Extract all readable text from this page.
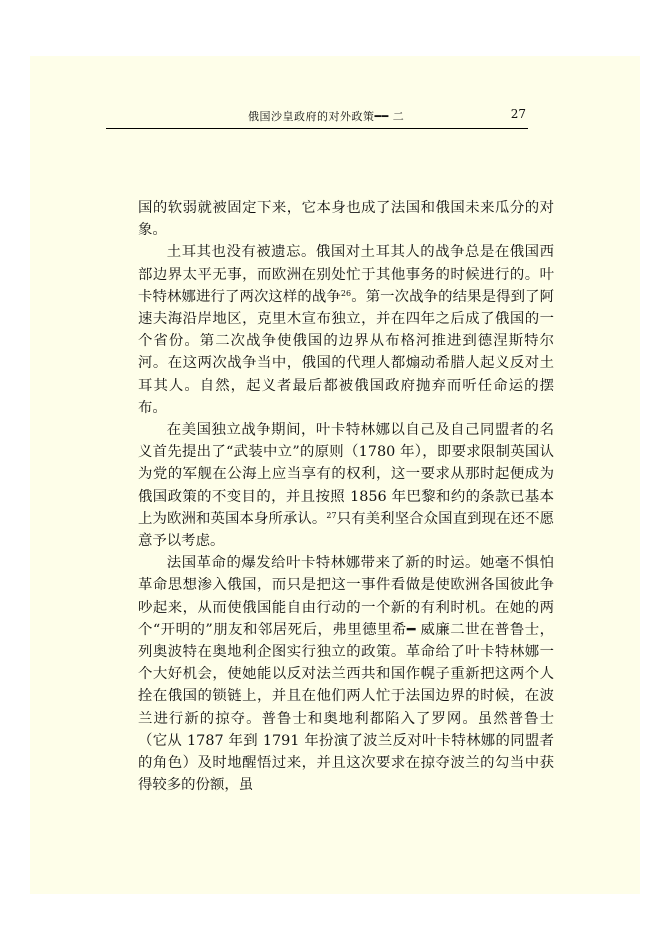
俄国沙皇政府的对外政策━━ 二	27

国的软弱就被固定下来，它本身也成了法国和俄国未来瓜分的对象。

土耳其也没有被遗忘。俄国对土耳其人的战争总是在俄国西部边界太平无事，而欧洲在别处忙于其他事务的时候进行的。叶卡特林娜进行了两次这样的战争$^{26}$。第一次战争的结果是得到了阿速夫海沿岸地区，克里木宣布独立，并在四年之后成了俄国的一个省份。第二次战争使俄国的边界从布格河推进到德涅斯特尔河。在这两次战争当中，俄国的代理人都煽动希腊人起义反对土耳其人。自然，起义者最后都被俄国政府抛弃而听任命运的摆布。

在美国独立战争期间，叶卡特林娜以自己及自己同盟者的名义首先提出了“武装中立”的原则（1780 年），即要求限制英国认为党的军舰在公海上应当享有的权利，这一要求从那时起便成为俄国政策的不变目的，并且按照 1856 年巴黎和约的条款已基本上为欧洲和英国本身所承认。$^{27}$只有美利坚合众国直到现在还不愿意予以考虑。

法国革命的爆发给叶卡特林娜带来了新的时运。她毫不惧怕革命思想渗入俄国，而只是把这一事件看做是使欧洲各国彼此争吵起来，从而使俄国能自由行动的一个新的有利时机。在她的两个“开明的”朋友和邻居死后，弗里德里希━ 威廉二世在普鲁士，列奥波特在奥地利企图实行独立的政策。革命给了叶卡特林娜一个大好机会，使她能以反对法兰西共和国作幌子重新把这两个人拴在俄国的锁链上，并且在他们两人忙于法国边界的时候，在波兰进行新的掠夺。普鲁士和奥地利都陷入了罗网。虽然普鲁士（它从 1787 年到 1791 年扮演了波兰反对叶卡特林娜的同盟者的角色）及时地醒悟过来，并且这次要求在掠夺波兰的勾当中获得较多的份额，虽
